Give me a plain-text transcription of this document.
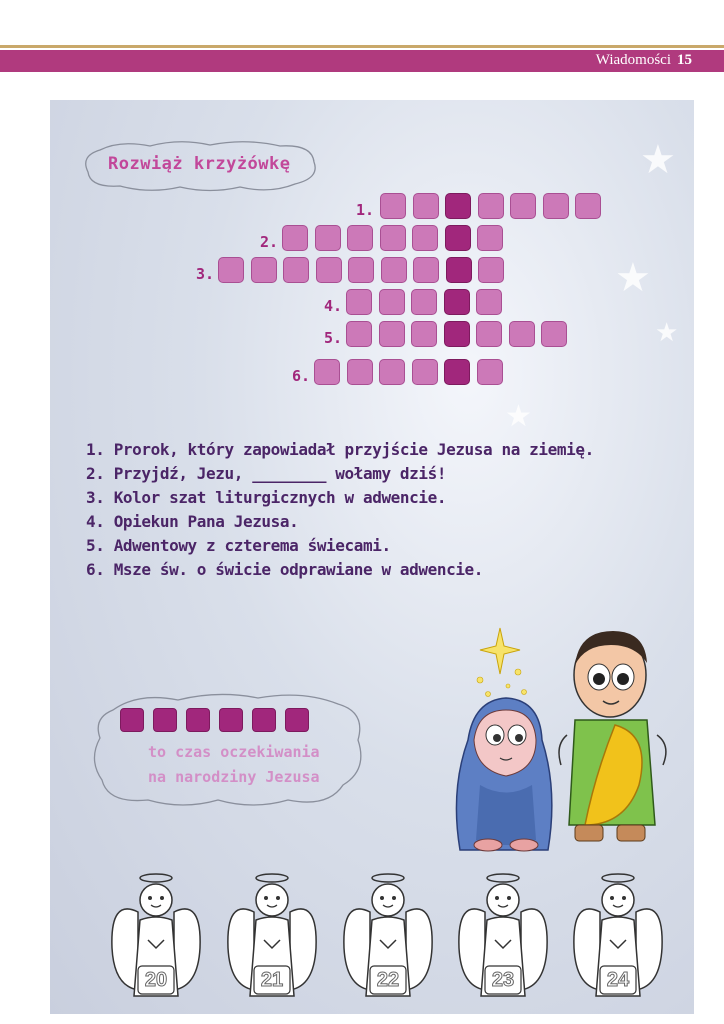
Wiadomości 15
★
★
★
★
Rozwiąż krzyżówkę
1.
2.
3.
4.
5.
6.
1. Prorok, który zapowiadał przyjście Jezusa na ziemię.
2. Przyjdź, Jezu, ________ wołamy dziś!
3. Kolor szat liturgicznych w adwencie.
4. Opiekun Pana Jezusa.
5. Adwentowy z czterema świecami.
6. Msze św. o świcie odprawiane w adwencie.
to czas oczekiwania
na narodziny Jezusa
20	21	22	23	24
